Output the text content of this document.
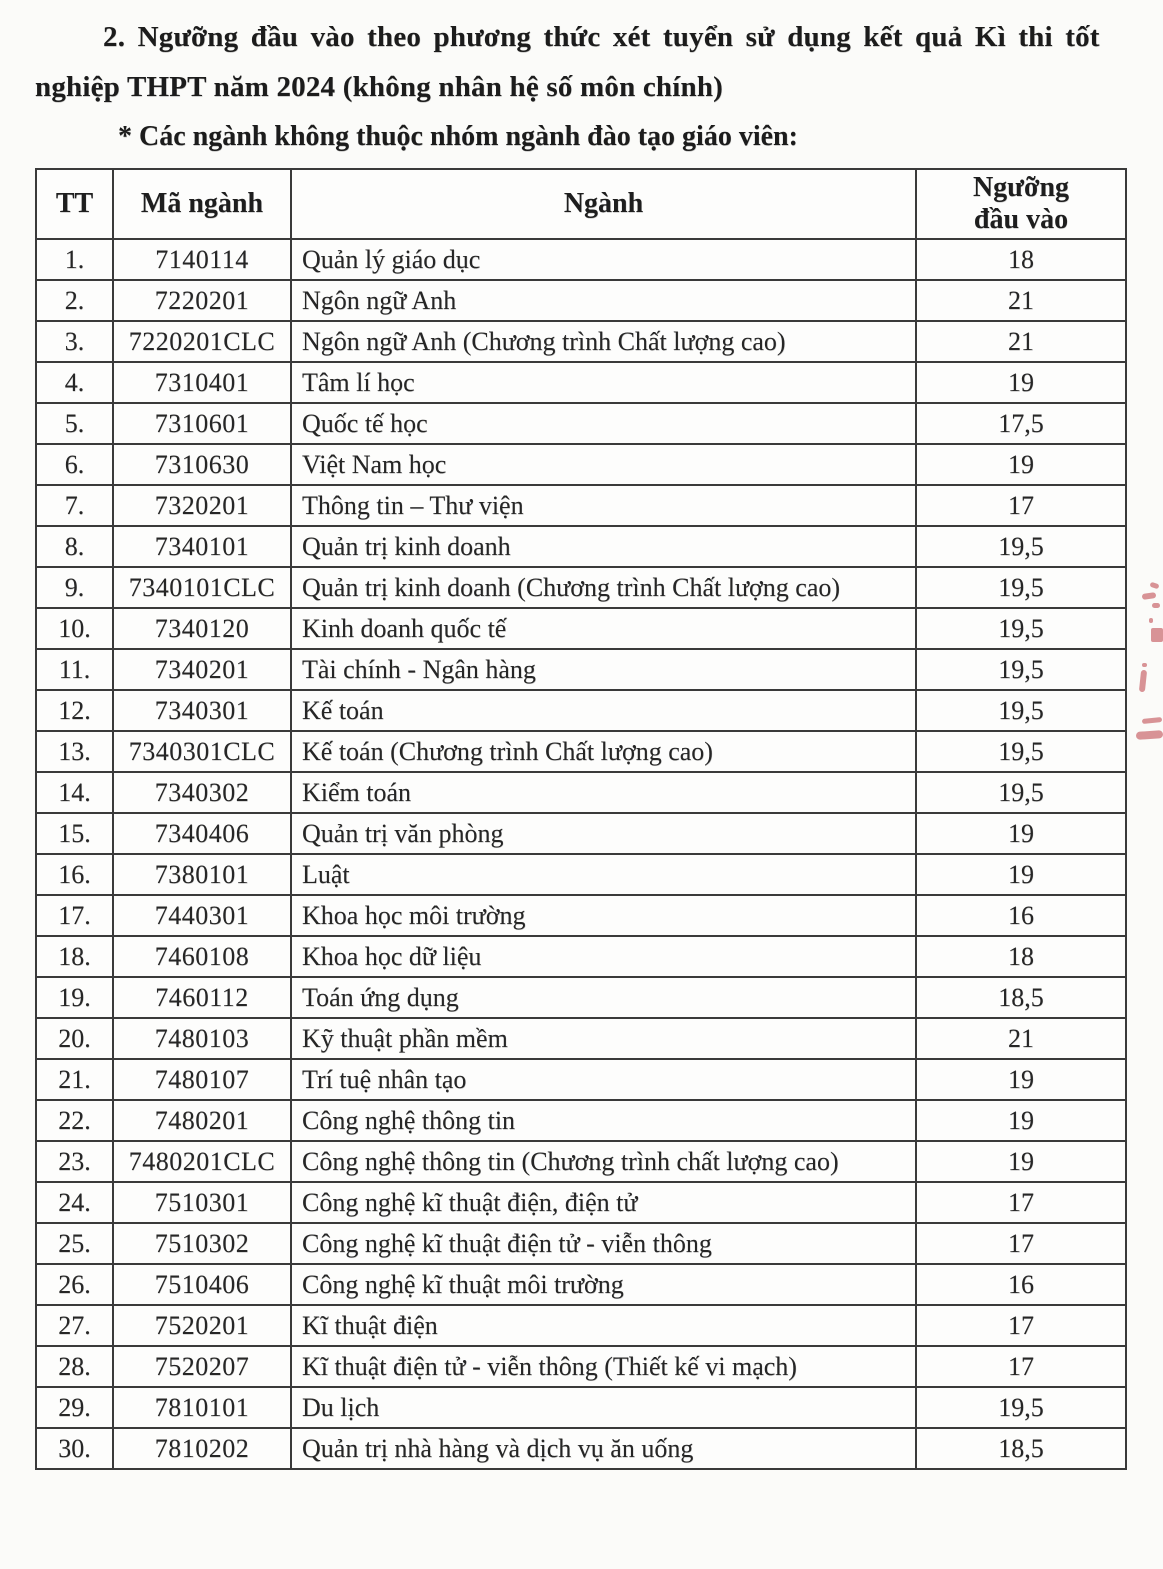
2. Ngưỡng đầu vào theo phương thức xét tuyển sử dụng kết quả Kì thi tốt
nghiệp THPT năm 2024 (không nhân hệ số môn chính)
* Các ngành không thuộc nhóm ngành đào tạo giáo viên:
TT	Mã ngành	Ngành	Ngưỡng
đầu vào
1.	7140114	Quản lý giáo dục	18
2.	7220201	Ngôn ngữ Anh	21
3.	7220201CLC	Ngôn ngữ Anh (Chương trình Chất lượng cao)	21
4.	7310401	Tâm lí học	19
5.	7310601	Quốc tế học	17,5
6.	7310630	Việt Nam học	19
7.	7320201	Thông tin – Thư viện	17
8.	7340101	Quản trị kinh doanh	19,5
9.	7340101CLC	Quản trị kinh doanh (Chương trình Chất lượng cao)	19,5
10.	7340120	Kinh doanh quốc tế	19,5
11.	7340201	Tài chính - Ngân hàng	19,5
12.	7340301	Kế toán	19,5
13.	7340301CLC	Kế toán (Chương trình Chất lượng cao)	19,5
14.	7340302	Kiểm toán	19,5
15.	7340406	Quản trị văn phòng	19
16.	7380101	Luật	19
17.	7440301	Khoa học môi trường	16
18.	7460108	Khoa học dữ liệu	18
19.	7460112	Toán ứng dụng	18,5
20.	7480103	Kỹ thuật phần mềm	21
21.	7480107	Trí tuệ nhân tạo	19
22.	7480201	Công nghệ thông tin	19
23.	7480201CLC	Công nghệ thông tin (Chương trình chất lượng cao)	19
24.	7510301	Công nghệ kĩ thuật điện, điện tử	17
25.	7510302	Công nghệ kĩ thuật điện tử - viễn thông	17
26.	7510406	Công nghệ kĩ thuật môi trường	16
27.	7520201	Kĩ thuật điện	17
28.	7520207	Kĩ thuật điện tử - viễn thông (Thiết kế vi mạch)	17
29.	7810101	Du lịch	19,5
30.	7810202	Quản trị nhà hàng và dịch vụ ăn uống	18,5
